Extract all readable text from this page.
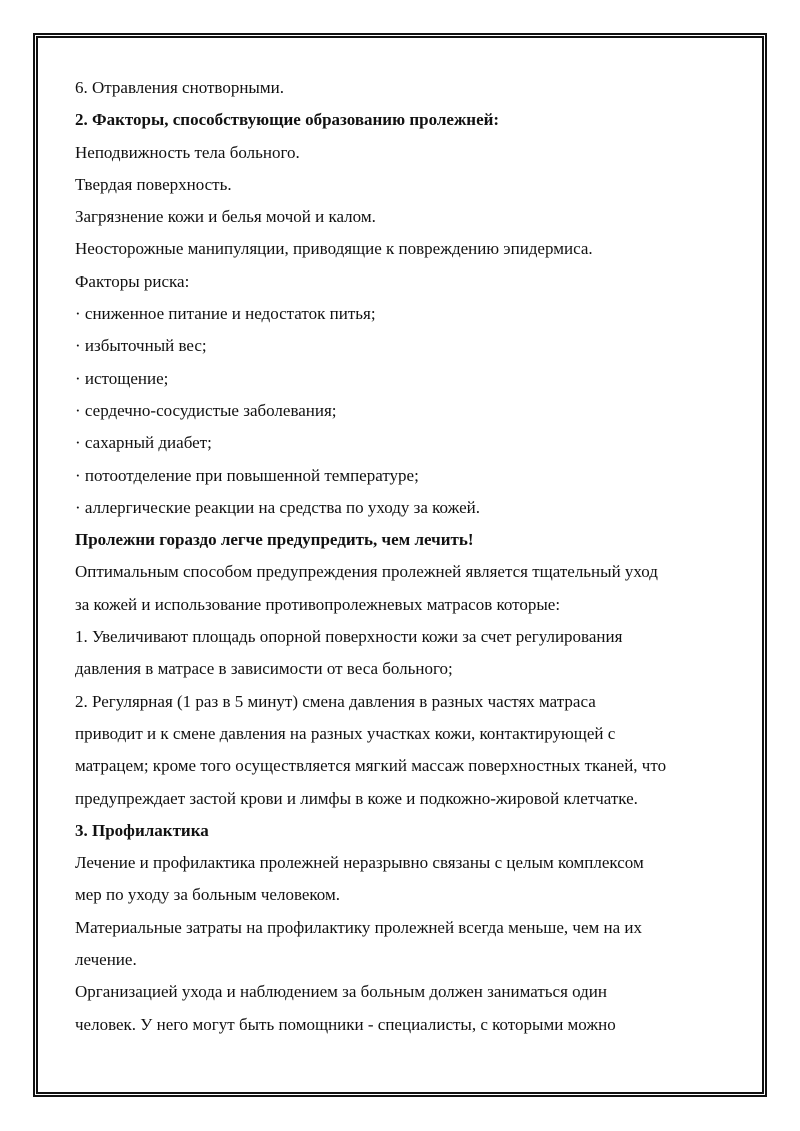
6. Отравления снотворными.

2. Факторы, способствующие образованию пролежней:

Неподвижность тела больного.

Твердая поверхность.

Загрязнение кожи и белья мочой и калом.

Неосторожные манипуляции, приводящие к повреждению эпидермиса.

Факторы риска:

· сниженное питание и недостаток питья;

· избыточный вес;

· истощение;

· сердечно-сосудистые заболевания;

· сахарный диабет;

· потоотделение при повышенной температуре;

· аллергические реакции на средства по уходу за кожей.

Пролежни гораздо легче предупредить, чем лечить!

Оптимальным способом предупреждения пролежней является тщательный уход

за кожей и использование противопролежневых матрасов которые:

1. Увеличивают площадь опорной поверхности кожи за счет регулирования

давления в матрасе в зависимости от веса больного;

2. Регулярная (1 раз в 5 минут) смена давления в разных частях матраса

приводит и к смене давления на разных участках кожи, контактирующей с

матрацем; кроме того осуществляется мягкий массаж поверхностных тканей, что

предупреждает застой крови и лимфы в коже и подкожно-жировой клетчатке.

3. Профилактика

Лечение и профилактика пролежней неразрывно связаны с целым комплексом

мер по уходу за больным человеком.

Материальные затраты на профилактику пролежней всегда меньше, чем на их

лечение.

Организацией ухода и наблюдением за больным должен заниматься один

человек. У него могут быть помощники - специалисты, с которыми можно
